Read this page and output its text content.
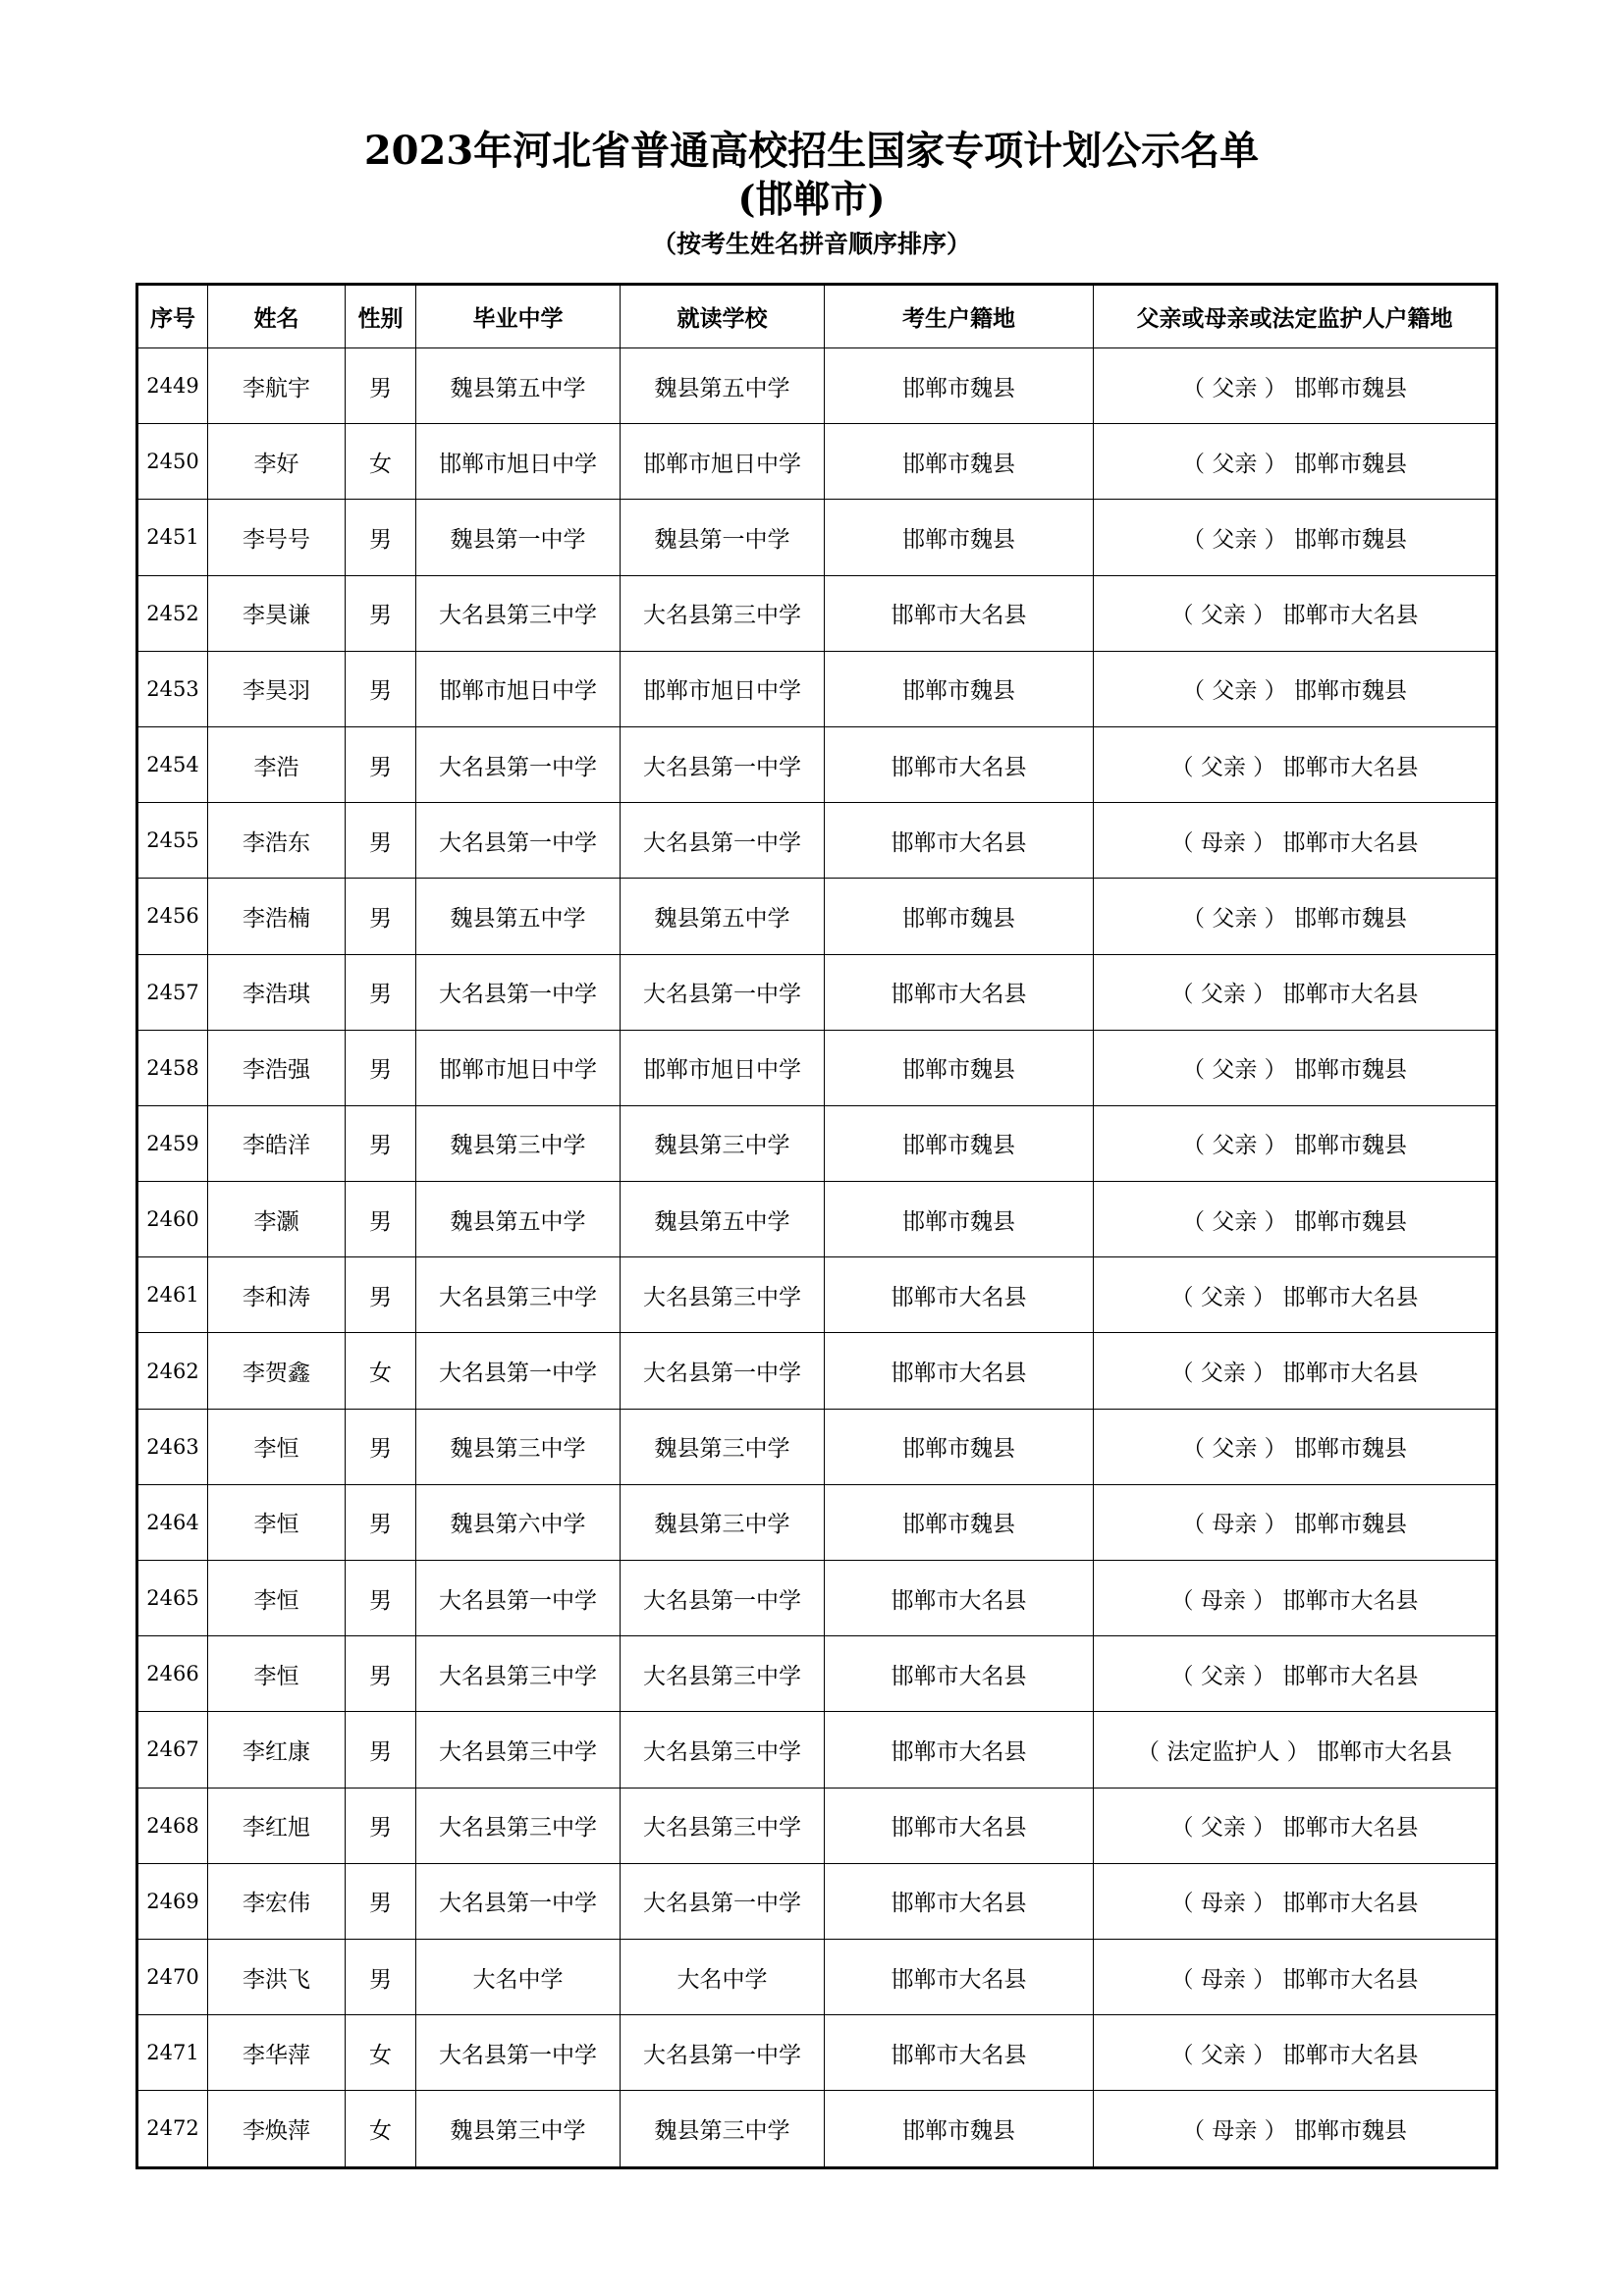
2023年河北省普通高校招生国家专项计划公示名单
(邯郸市)
（按考生姓名拼音顺序排序）
序号	姓名	性别	毕业中学	就读学校	考生户籍地	父亲或母亲或法定监护人户籍地
2449	李航宇	男	魏县第五中学	魏县第五中学	邯郸市魏县	（ 父亲 ） 邯郸市魏县
2450	李好	女	邯郸市旭日中学	邯郸市旭日中学	邯郸市魏县	（ 父亲 ） 邯郸市魏县
2451	李号号	男	魏县第一中学	魏县第一中学	邯郸市魏县	（ 父亲 ） 邯郸市魏县
2452	李昊谦	男	大名县第三中学	大名县第三中学	邯郸市大名县	（ 父亲 ） 邯郸市大名县
2453	李昊羽	男	邯郸市旭日中学	邯郸市旭日中学	邯郸市魏县	（ 父亲 ） 邯郸市魏县
2454	李浩	男	大名县第一中学	大名县第一中学	邯郸市大名县	（ 父亲 ） 邯郸市大名县
2455	李浩东	男	大名县第一中学	大名县第一中学	邯郸市大名县	（ 母亲 ） 邯郸市大名县
2456	李浩楠	男	魏县第五中学	魏县第五中学	邯郸市魏县	（ 父亲 ） 邯郸市魏县
2457	李浩琪	男	大名县第一中学	大名县第一中学	邯郸市大名县	（ 父亲 ） 邯郸市大名县
2458	李浩强	男	邯郸市旭日中学	邯郸市旭日中学	邯郸市魏县	（ 父亲 ） 邯郸市魏县
2459	李皓洋	男	魏县第三中学	魏县第三中学	邯郸市魏县	（ 父亲 ） 邯郸市魏县
2460	李灏	男	魏县第五中学	魏县第五中学	邯郸市魏县	（ 父亲 ） 邯郸市魏县
2461	李和涛	男	大名县第三中学	大名县第三中学	邯郸市大名县	（ 父亲 ） 邯郸市大名县
2462	李贺鑫	女	大名县第一中学	大名县第一中学	邯郸市大名县	（ 父亲 ） 邯郸市大名县
2463	李恒	男	魏县第三中学	魏县第三中学	邯郸市魏县	（ 父亲 ） 邯郸市魏县
2464	李恒	男	魏县第六中学	魏县第三中学	邯郸市魏县	（ 母亲 ） 邯郸市魏县
2465	李恒	男	大名县第一中学	大名县第一中学	邯郸市大名县	（ 母亲 ） 邯郸市大名县
2466	李恒	男	大名县第三中学	大名县第三中学	邯郸市大名县	（ 父亲 ） 邯郸市大名县
2467	李红康	男	大名县第三中学	大名县第三中学	邯郸市大名县	（ 法定监护人 ） 邯郸市大名县
2468	李红旭	男	大名县第三中学	大名县第三中学	邯郸市大名县	（ 父亲 ） 邯郸市大名县
2469	李宏伟	男	大名县第一中学	大名县第一中学	邯郸市大名县	（ 母亲 ） 邯郸市大名县
2470	李洪飞	男	大名中学	大名中学	邯郸市大名县	（ 母亲 ） 邯郸市大名县
2471	李华萍	女	大名县第一中学	大名县第一中学	邯郸市大名县	（ 父亲 ） 邯郸市大名县
2472	李焕萍	女	魏县第三中学	魏县第三中学	邯郸市魏县	（ 母亲 ） 邯郸市魏县
